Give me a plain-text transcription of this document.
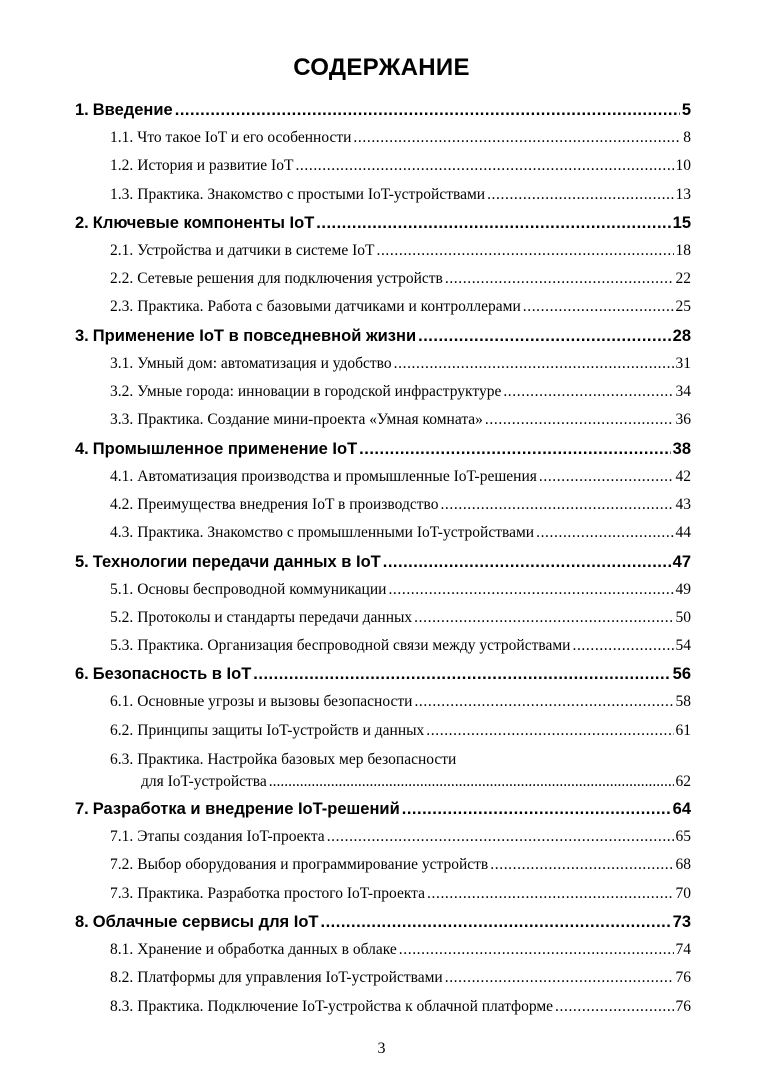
СОДЕРЖАНИЕ
1. Введение .....	5
1.1. Что такое IoT и его особенности .....	8
1.2. История и развитие IoT .....	10
1.3. Практика. Знакомство с простыми IoT-устройствами .....	13
2. Ключевые компоненты IoT .....	15
2.1. Устройства и датчики в системе IoT .....	18
2.2. Сетевые решения для подключения устройств .....	22
2.3. Практика. Работа с базовыми датчиками и контроллерами .....	25
3. Применение IoT в повседневной жизни .....	28
3.1. Умный дом: автоматизация и удобство .....	31
3.2. Умные города: инновации в городской инфраструктуре .....	34
3.3. Практика. Создание мини-проекта «Умная комната» .....	36
4. Промышленное применение IoT .....	38
4.1. Автоматизация производства и промышленные IoT-решения .....	42
4.2. Преимущества внедрения IoT в производство .....	43
4.3. Практика. Знакомство с промышленными IoT-устройствами .....	44
5. Технологии передачи данных в IoT .....	47
5.1. Основы беспроводной коммуникации .....	49
5.2. Протоколы и стандарты передачи данных .....	50
5.3. Практика. Организация беспроводной связи между устройствами .....	54
6. Безопасность в IoT .....	56
6.1. Основные угрозы и вызовы безопасности .....	58
6.2. Принципы защиты IoT-устройств и данных .....	61
6.3. Практика. Настройка базовых мер безопасности
для IoT-устройства .....	62
7. Разработка и внедрение IoT-решений .....	64
7.1. Этапы создания IoT-проекта .....	65
7.2. Выбор оборудования и программирование устройств .....	68
7.3. Практика. Разработка простого IoT-проекта .....	70
8. Облачные сервисы для IoT .....	73
8.1. Хранение и обработка данных в облаке .....	74
8.2. Платформы для управления IoT-устройствами .....	76
8.3. Практика. Подключение IoT-устройства к облачной платформе .....	76
3
